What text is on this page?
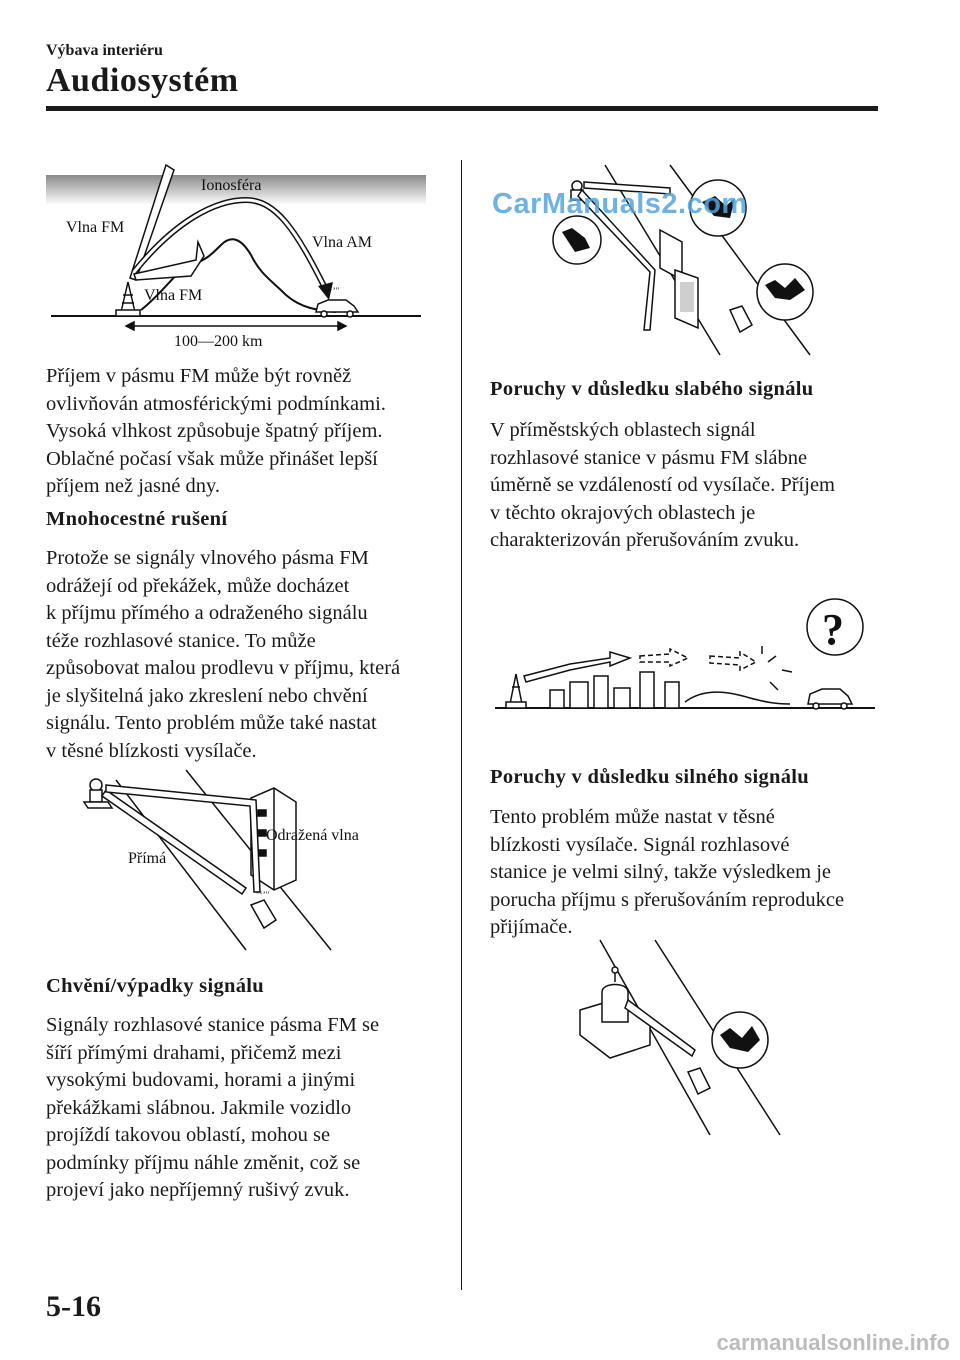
Výbava interiéru
Audiosystém
Ionosféra
"‘’"
Vlna FM
Vlna AM
Vlna FM
100—200 km

Příjem v pásmu FM může být rovněž
ovlivňován atmosférickými podmínkami.
Vysoká vlhkost způsobuje špatný příjem.
Oblačné počasí však může přinášet lepší
příjem než jasné dny.

Mnohocestné rušení

Protože se signály vlnového pásma FM
odrážejí od překážek, může docházet
k příjmu přímého a odraženého signálu
téže rozhlasové stanice. To může
způsobovat malou prodlevu v příjmu, která
je slyšitelná jako zkreslení nebo chvění
signálu. Tento problém může také nastat
v těsné blízkosti vysílače.

"‘’"
Odražená vlna
Přímá

Chvění/výpadky signálu

Signály rozhlasové stanice pásma FM se
šíří přímými drahami, přičemž mezi
vysokými budovami, horami a jinými
překážkami slábnou. Jakmile vozidlo
projíždí takovou oblastí, mohou se
podmínky příjmu náhle změnit, což se
projeví jako nepříjemný rušivý zvuk.

CarManuals2.com

Poruchy v důsledku slabého signálu

V příměstských oblastech signál
rozhlasové stanice v pásmu FM slábne
úměrně se vzdáleností od vysílače. Příjem
v těchto okrajových oblastech je
charakterizován přerušováním zvuku.

?

Poruchy v důsledku silného signálu

Tento problém může nastat v těsné
blízkosti vysílače. Signál rozhlasové
stanice je velmi silný, takže výsledkem je
porucha příjmu s přerušováním reprodukce
přijímače.

5-16
carmanualsonline.info
